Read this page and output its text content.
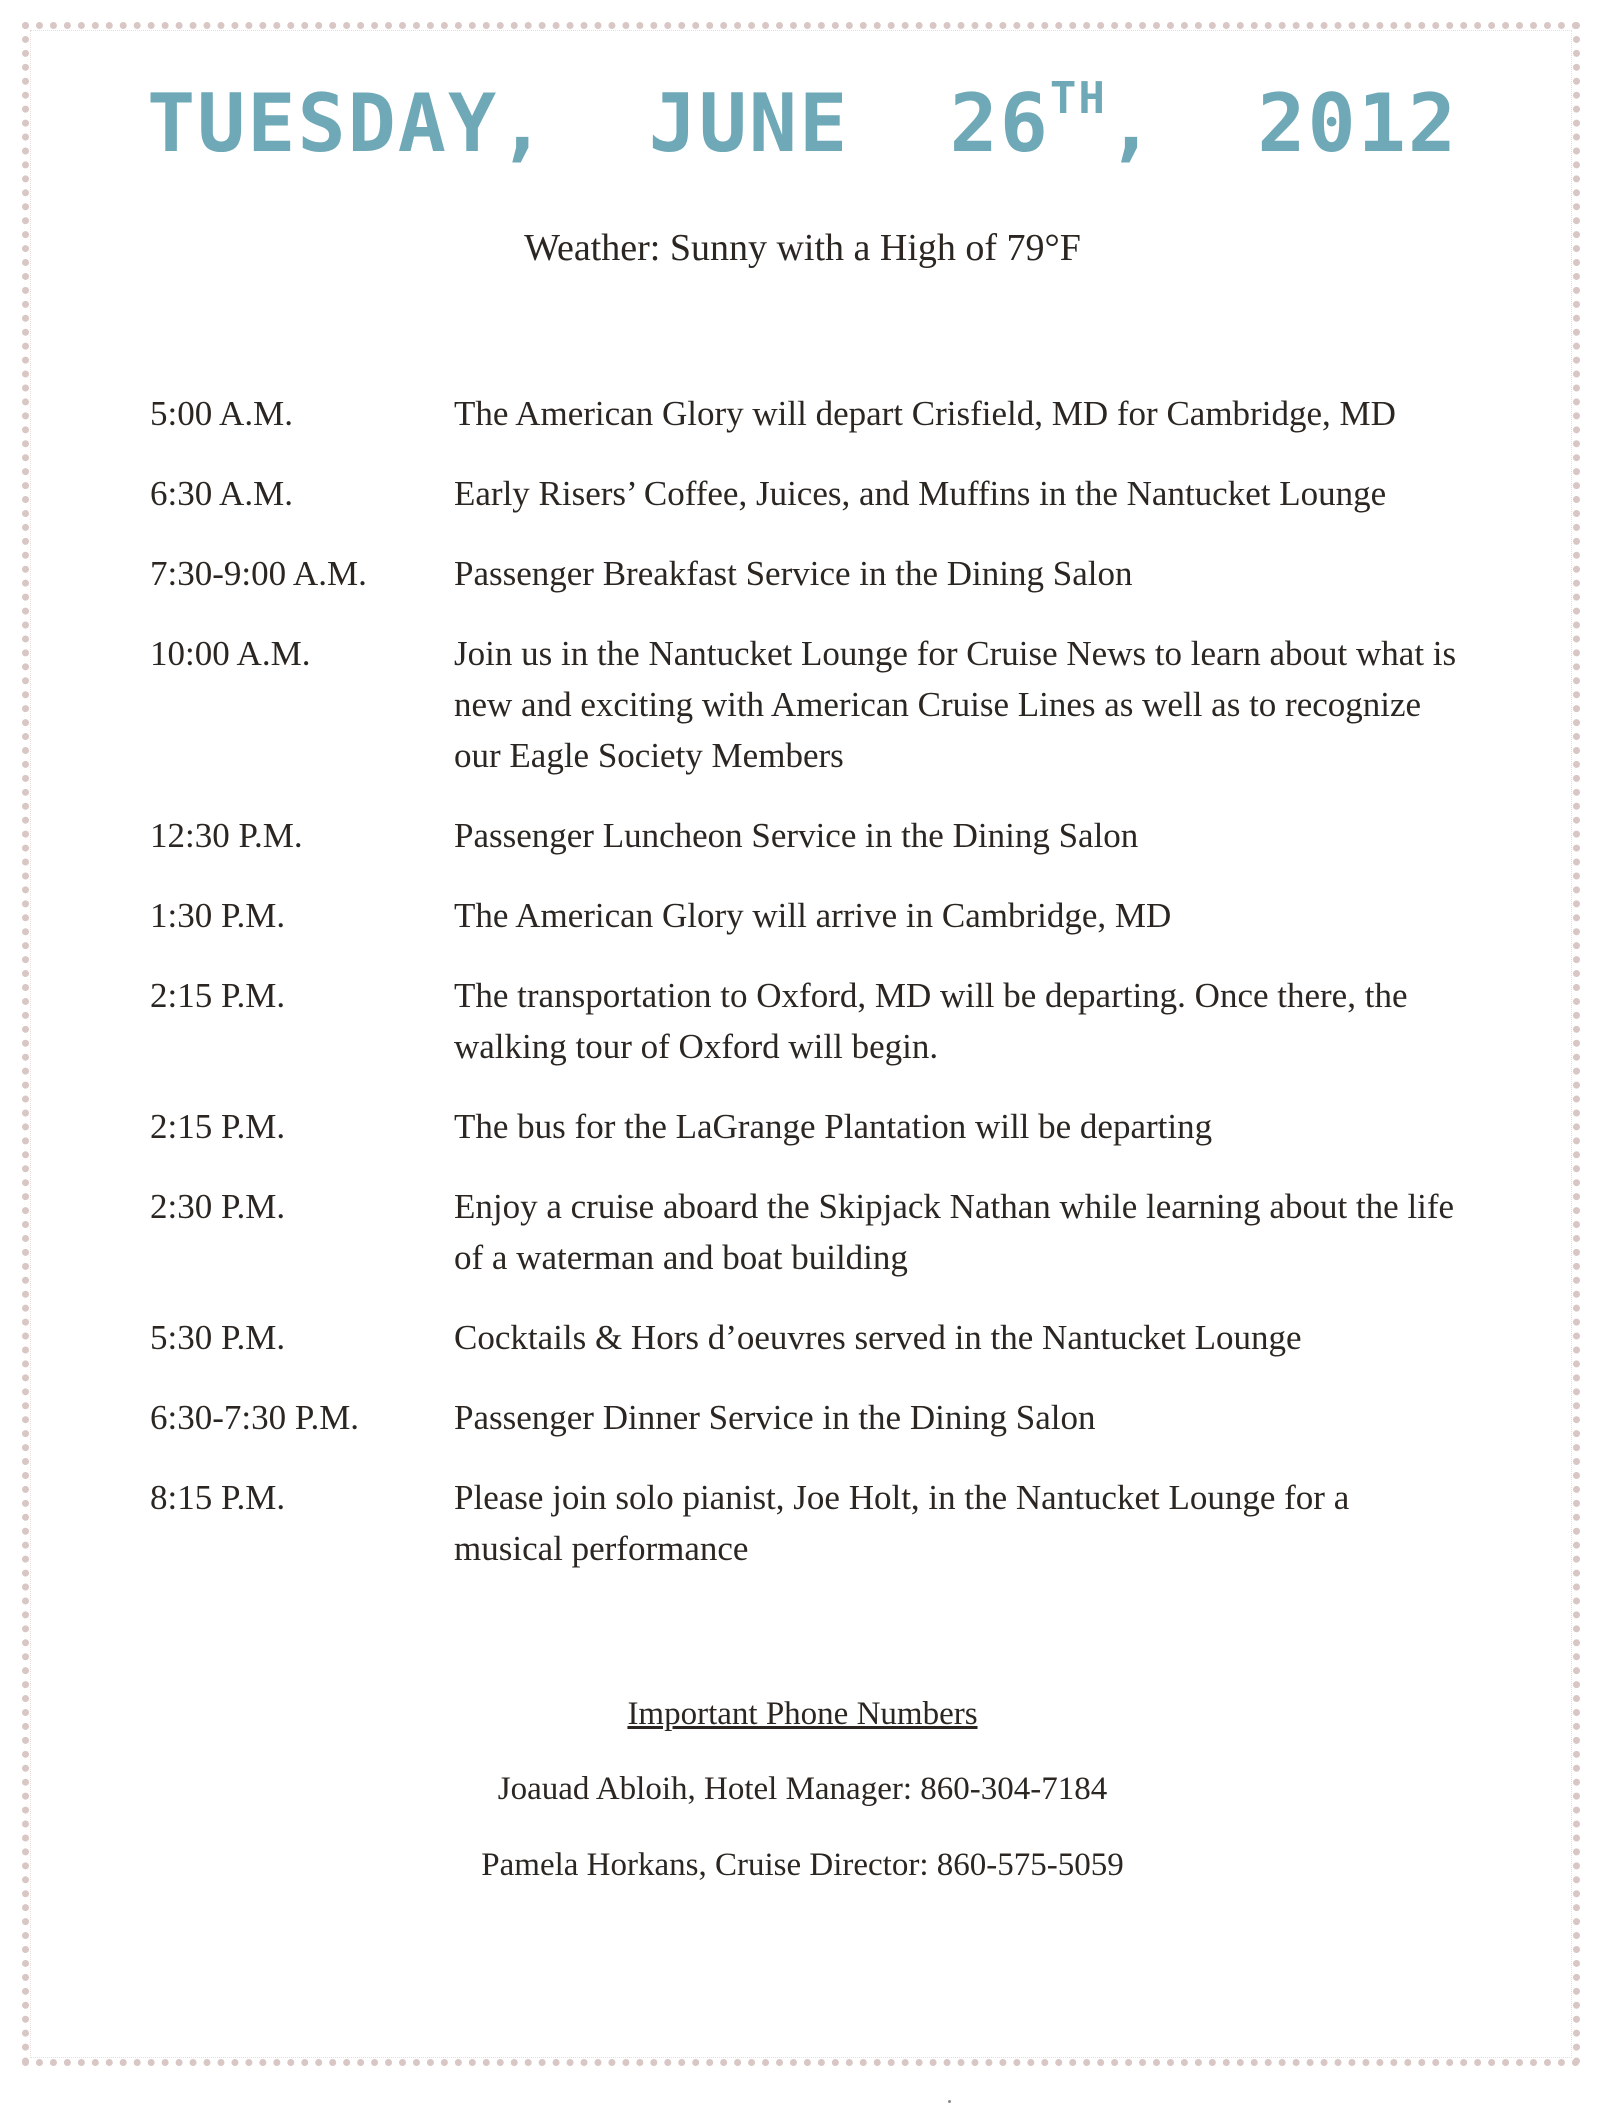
TUESDAY,  JUNE  26TH,  2012

Weather: Sunny with a High of 79°F

5:00 A.M.	The American Glory will depart Crisfield, MD for Cambridge, MD
6:30 A.M.	Early Risers’ Coffee, Juices, and Muffins in the Nantucket Lounge
7:30-9:00 A.M.	Passenger Breakfast Service in the Dining Salon
10:00 A.M.	Join us in the Nantucket Lounge for Cruise News to learn about what is new and exciting with American Cruise Lines as well as to recognize our Eagle Society Members
12:30 P.M.	Passenger Luncheon Service in the Dining Salon
1:30 P.M.	The American Glory will arrive in Cambridge, MD
2:15 P.M.	The transportation to Oxford, MD will be departing. Once there, the walking tour of Oxford will begin.
2:15 P.M.	The bus for the LaGrange Plantation will be departing
2:30 P.M.	Enjoy a cruise aboard the Skipjack Nathan while learning about the life of a waterman and boat building
5:30 P.M.	Cocktails & Hors d’oeuvres served in the Nantucket Lounge
6:30-7:30 P.M.	Passenger Dinner Service in the Dining Salon
8:15 P.M.	Please join solo pianist, Joe Holt, in the Nantucket Lounge for a musical performance

Important Phone Numbers

Joauad Abloih, Hotel Manager: 860-304-7184

Pamela Horkans, Cruise Director: 860-575-5059
